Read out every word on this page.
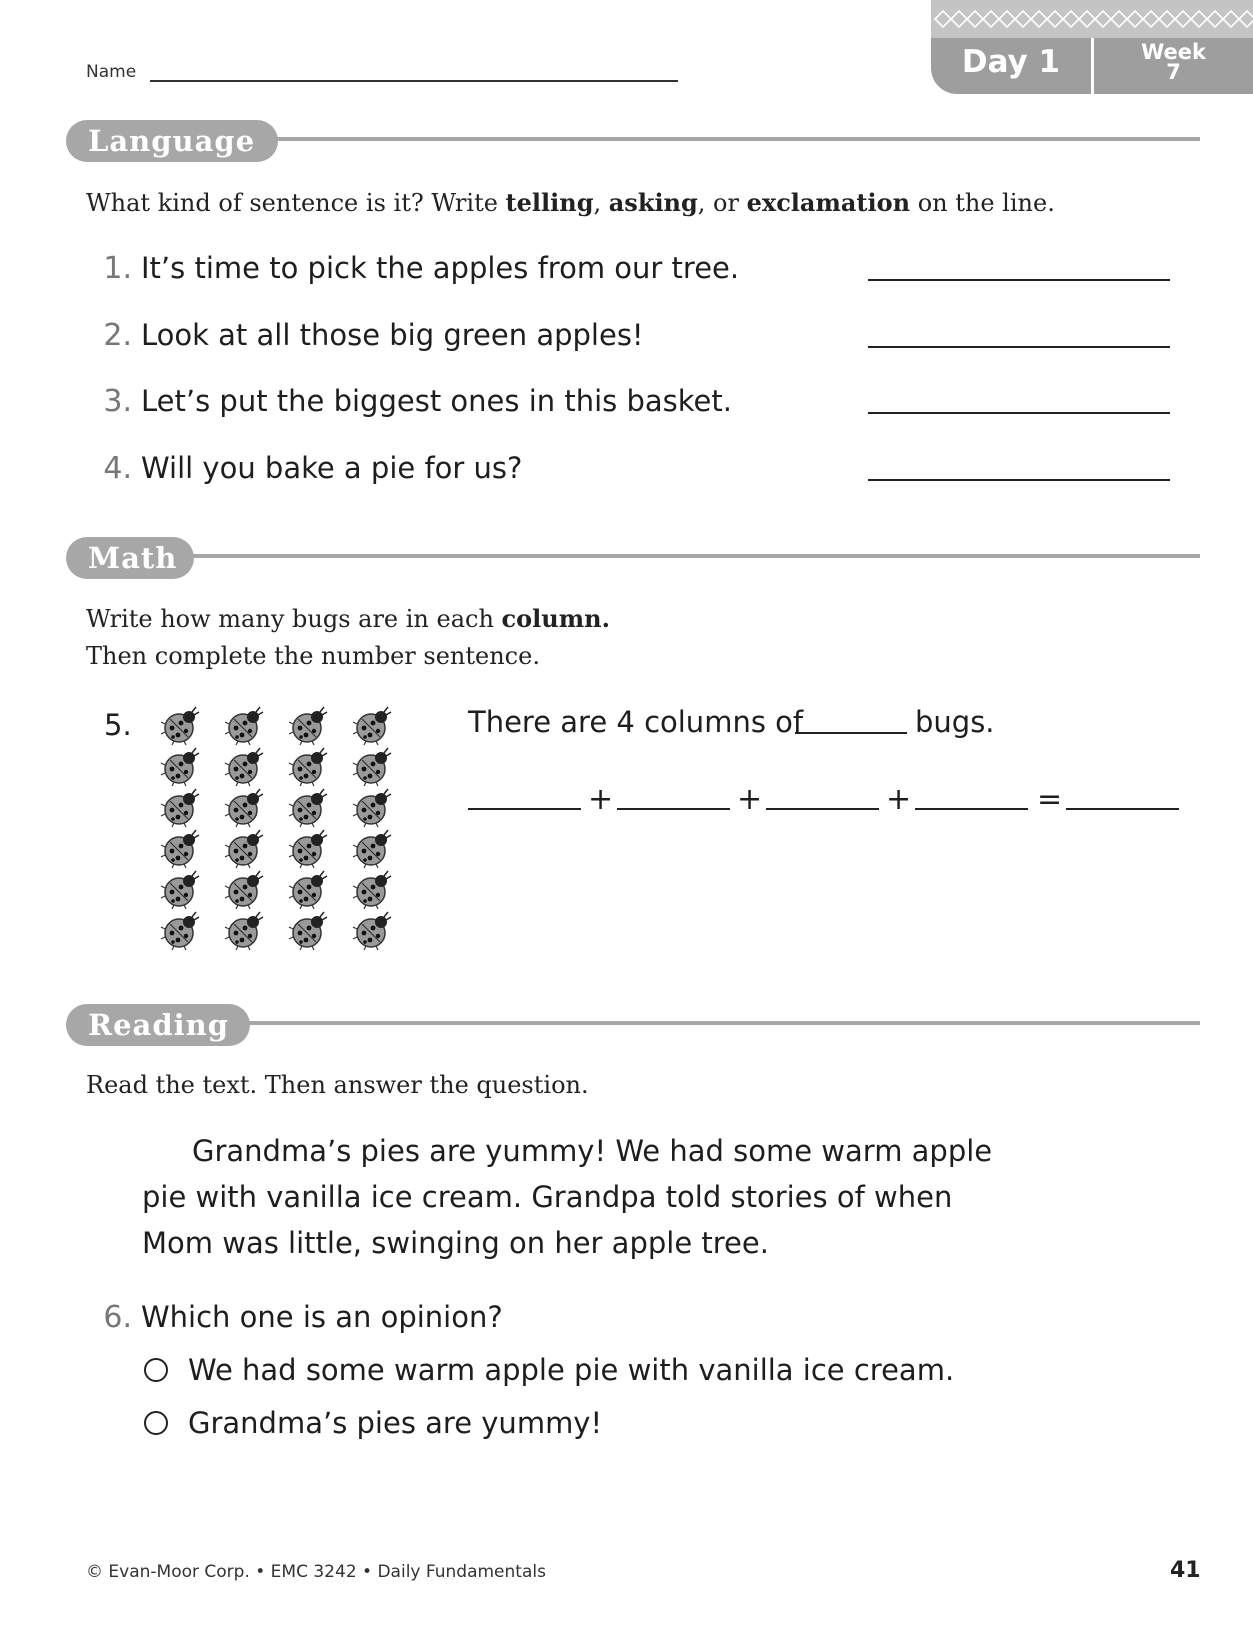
Name	Day 1	Week
7
Language
What kind of sentence is it? Write telling, asking, or exclamation on the line.
1. It’s time to pick the apples from our tree.
2. Look at all those big green apples!
3. Let’s put the biggest ones in this basket.
4. Will you bake a pie for us?
Math
Write how many bugs are in each column.
Then complete the number sentence.
5.	There are 4 columns of	bugs.
+	+	+	=
Reading
Read the text. Then answer the question.
Grandma’s pies are yummy! We had some warm apple
pie with vanilla ice cream. Grandpa told stories of when
Mom was little, swinging on her apple tree.
6. Which one is an opinion?
We had some warm apple pie with vanilla ice cream.
Grandma’s pies are yummy!
© Evan-Moor Corp. • EMC 3242 • Daily Fundamentals	41
